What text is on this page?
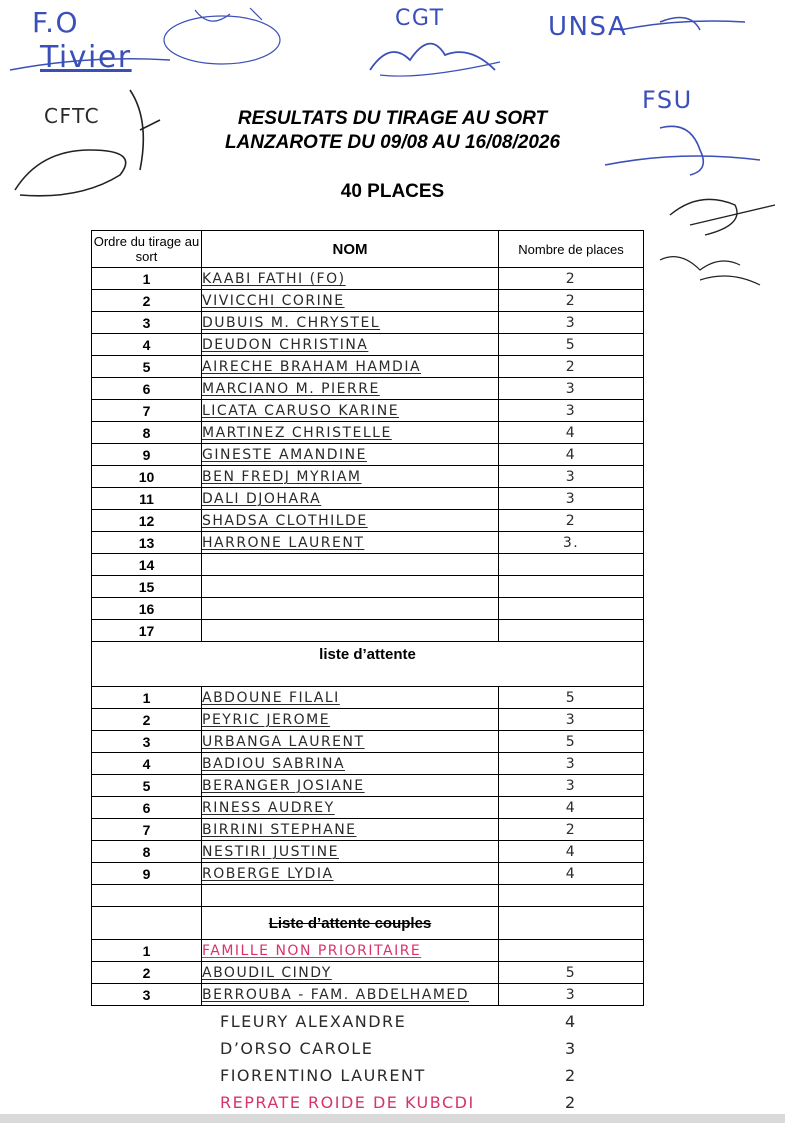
F.O
Tivier
CGT	UNSA
FSU
CFTC	RESULTATS DU TIRAGE AU SORT
LANZAROTE DU 09/08 AU 16/08/2026
40 PLACES
Ordre du tirage au sort	NOM	Nombre de places
1	KAABI FATHI (FO)	2
2	VIVICCHI CORINE	2
3	DUBUIS M. CHRYSTEL	3
4	DEUDON CHRISTINA	5
5	AIRECHE BRAHAM HAMDIA	2
6	MARCIANO M. PIERRE	3
7	LICATA CARUSO KARINE	3
8	MARTINEZ CHRISTELLE	4
9	GINESTE AMANDINE	4
10	BEN FREDJ MYRIAM	3
11	DALI DJOHARA	3
12	SHADSA CLOTHILDE	2
13	HARRONE LAURENT	3.
14		
15		
16		
17		
liste d’attente		
1	ABDOUNE FILALI	5
2	PEYRIC JEROME	3
3	URBANGA LAURENT	5
4	BADIOU SABRINA	3
5	BERANGER JOSIANE	3
6	RINESS AUDREY	4
7	BIRRINI STEPHANE	2
8	NESTIRI JUSTINE	4
9	ROBERGE LYDIA	4

	Liste d’attente couples	
1	FAMILLE NON PRIORITAIRE	
2	ABOUDIL CINDY	5
3	BERROUBA - FAM. ABDELHAMED	3
FLEURY ALEXANDRE	4
D’ORSO CAROLE	3
FIORENTINO LAURENT	2
REPRATE ROIDE DE KUBCDI	2
